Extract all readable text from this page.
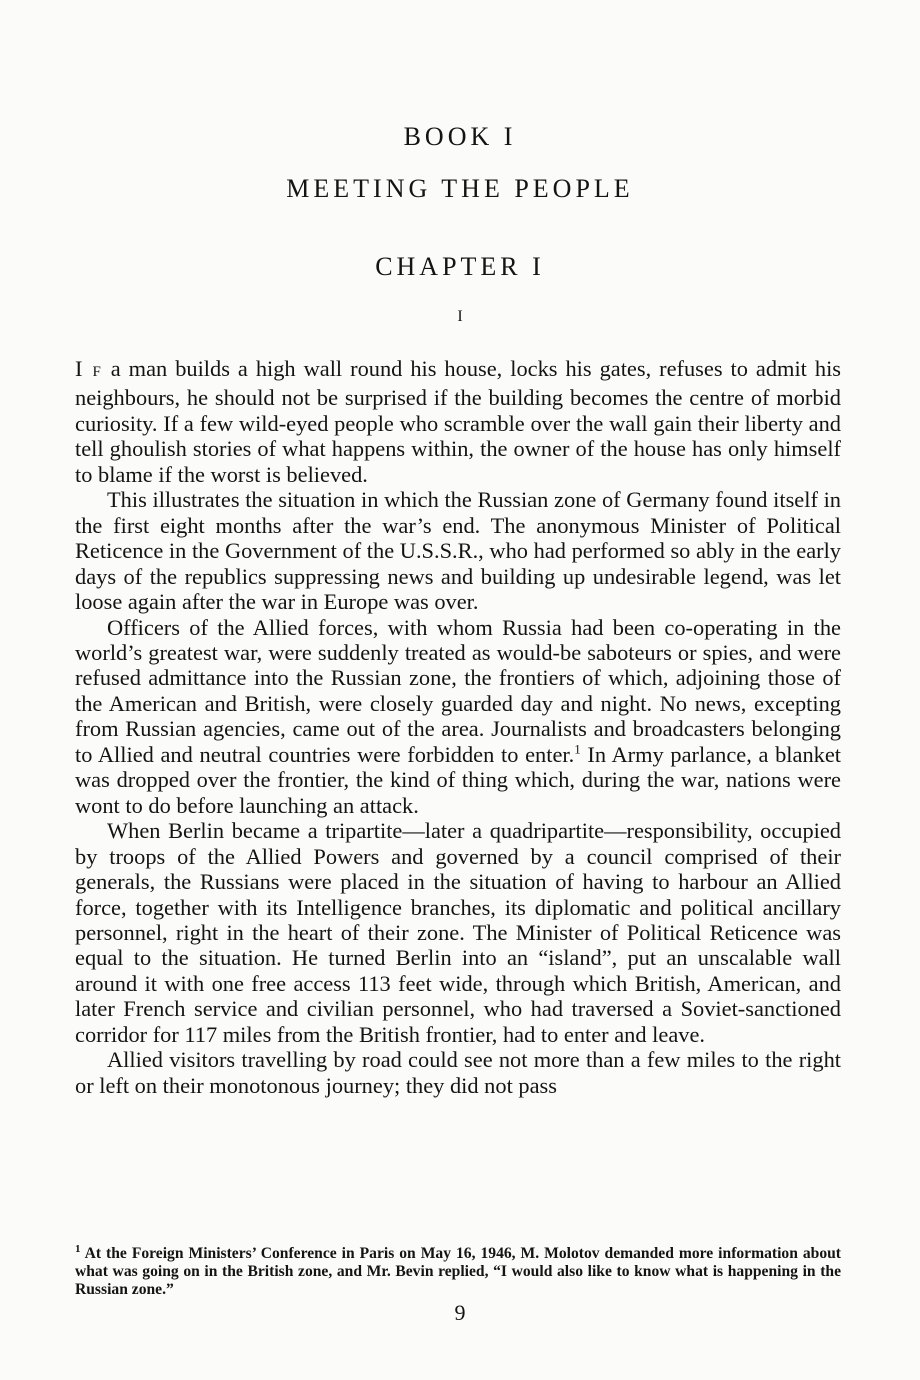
BOOK I
MEETING THE PEOPLE
CHAPTER I
I

I F a man builds a high wall round his house, locks his gates, refuses to admit his neighbours, he should not be surprised if the building becomes the centre of morbid curiosity. If a few wild-eyed people who scramble over the wall gain their liberty and tell ghoulish stories of what happens within, the owner of the house has only himself to blame if the worst is believed.

This illustrates the situation in which the Russian zone of Germany found itself in the first eight months after the war’s end. The anonymous Minister of Political Reticence in the Government of the U.S.S.R., who had performed so ably in the early days of the republics suppressing news and building up undesirable legend, was let loose again after the war in Europe was over.

Officers of the Allied forces, with whom Russia had been co-operating in the world’s greatest war, were suddenly treated as would-be saboteurs or spies, and were refused admittance into the Russian zone, the frontiers of which, adjoining those of the American and British, were closely guarded day and night. No news, excepting from Russian agencies, came out of the area. Journalists and broadcasters belonging to Allied and neutral countries were forbidden to enter.$^1$ In Army parlance, a blanket was dropped over the frontier, the kind of thing which, during the war, nations were wont to do before launching an attack.

When Berlin became a tripartite—later a quadripartite—responsibility, occupied by troops of the Allied Powers and governed by a council comprised of their generals, the Russians were placed in the situation of having to harbour an Allied force, together with its Intelligence branches, its diplomatic and political ancillary personnel, right in the heart of their zone. The Minister of Political Reticence was equal to the situation. He turned Berlin into an “island”, put an unscalable wall around it with one free access 113 feet wide, through which British, American, and later French service and civilian personnel, who had traversed a Soviet-sanctioned corridor for 117 miles from the British frontier, had to enter and leave.

Allied visitors travelling by road could see not more than a few miles to the right or left on their monotonous journey; they did not pass

$^1$ At the Foreign Ministers’ Conference in Paris on May 16, 1946, M. Molotov demanded more information about what was going on in the British zone, and Mr. Bevin replied, “I would also like to know what is happening in the Russian zone.”
9
